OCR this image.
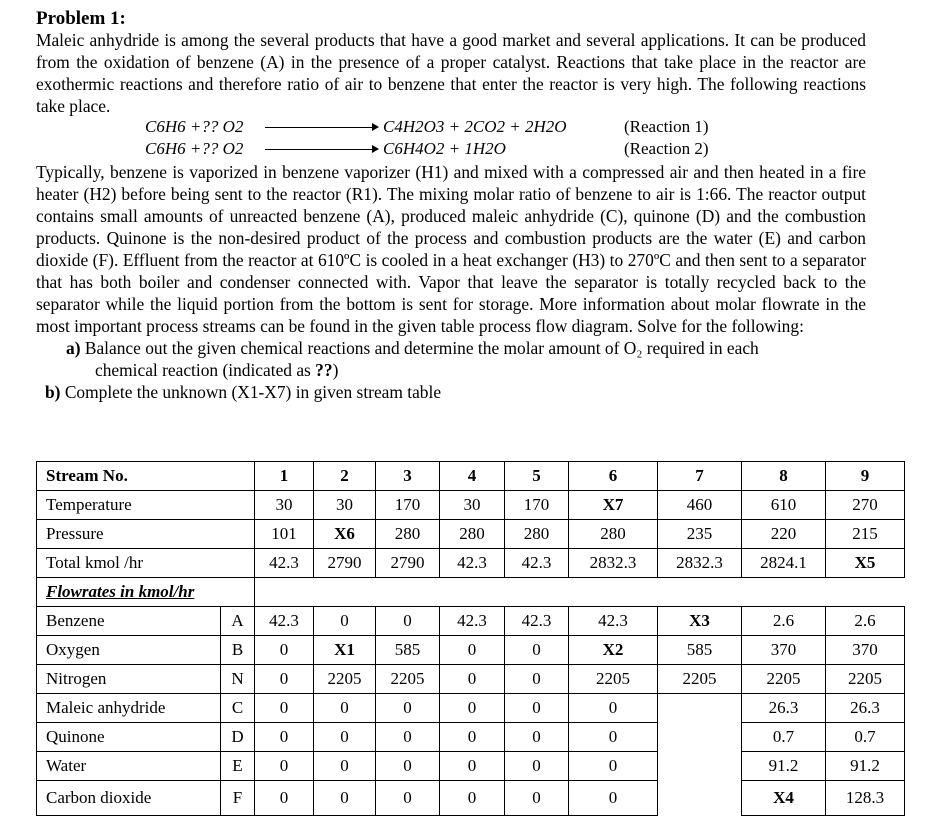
Problem 1:

Maleic anhydride is among the several products that have a good market and several applications. It can be produced from the oxidation of benzene (A) in the presence of a proper catalyst. Reactions that take place in the reactor are exothermic reactions and therefore ratio of air to benzene that enter the reactor is very high. The following reactions take place.

C6H6 +?? O2	C4H2O3 + 2CO2 + 2H2O	(Reaction 1)
C6H6 +?? O2	C6H4O2 + 1H2O	(Reaction 2)

Typically, benzene is vaporized in benzene vaporizer (H1) and mixed with a compressed air and then heated in a fire heater (H2) before being sent to the reactor (R1). The mixing molar ratio of benzene to air is 1:66. The reactor output contains small amounts of unreacted benzene (A), produced maleic anhydride (C), quinone (D) and the combustion products. Quinone is the non-desired product of the process and combustion products are the water (E) and carbon dioxide (F). Effluent from the reactor at 610ºC is cooled in a heat exchanger (H3) to 270ºC and then sent to a separator that has both boiler and condenser connected with. Vapor that leave the separator is totally recycled back to the separator while the liquid portion from the bottom is sent for storage. More information about molar flowrate in the most important process streams can be found in the given table process flow diagram. Solve for the following:

a) Balance out the given chemical reactions and determine the molar amount of O₂ required in each
chemical reaction (indicated as ??)
b) Complete the unknown (X1-X7) in given stream table
Stream No.		1	2	3	4	5	6	7	8	9
Temperature		30	30	170	30	170	X7	460	610	270
Pressure		101	X6	280	280	280	280	235	220	215
Total kmol /hr		42.3	2790	2790	42.3	42.3	2832.3	2832.3	2824.1	X5
Flowrates in kmol/hr										
Benzene	A	42.3	0	0	42.3	42.3	42.3	X3	2.6	2.6
Oxygen	B	0	X1	585	0	0	X2	585	370	370
Nitrogen	N	0	2205	2205	0	0	2205	2205	2205	2205
Maleic anhydride	C	0	0	0	0	0	0		26.3	26.3
Quinone	D	0	0	0	0	0	0		0.7	0.7
Water	E	0	0	0	0	0	0		91.2	91.2
Carbon dioxide	F	0	0	0	0	0	0		X4	128.3
